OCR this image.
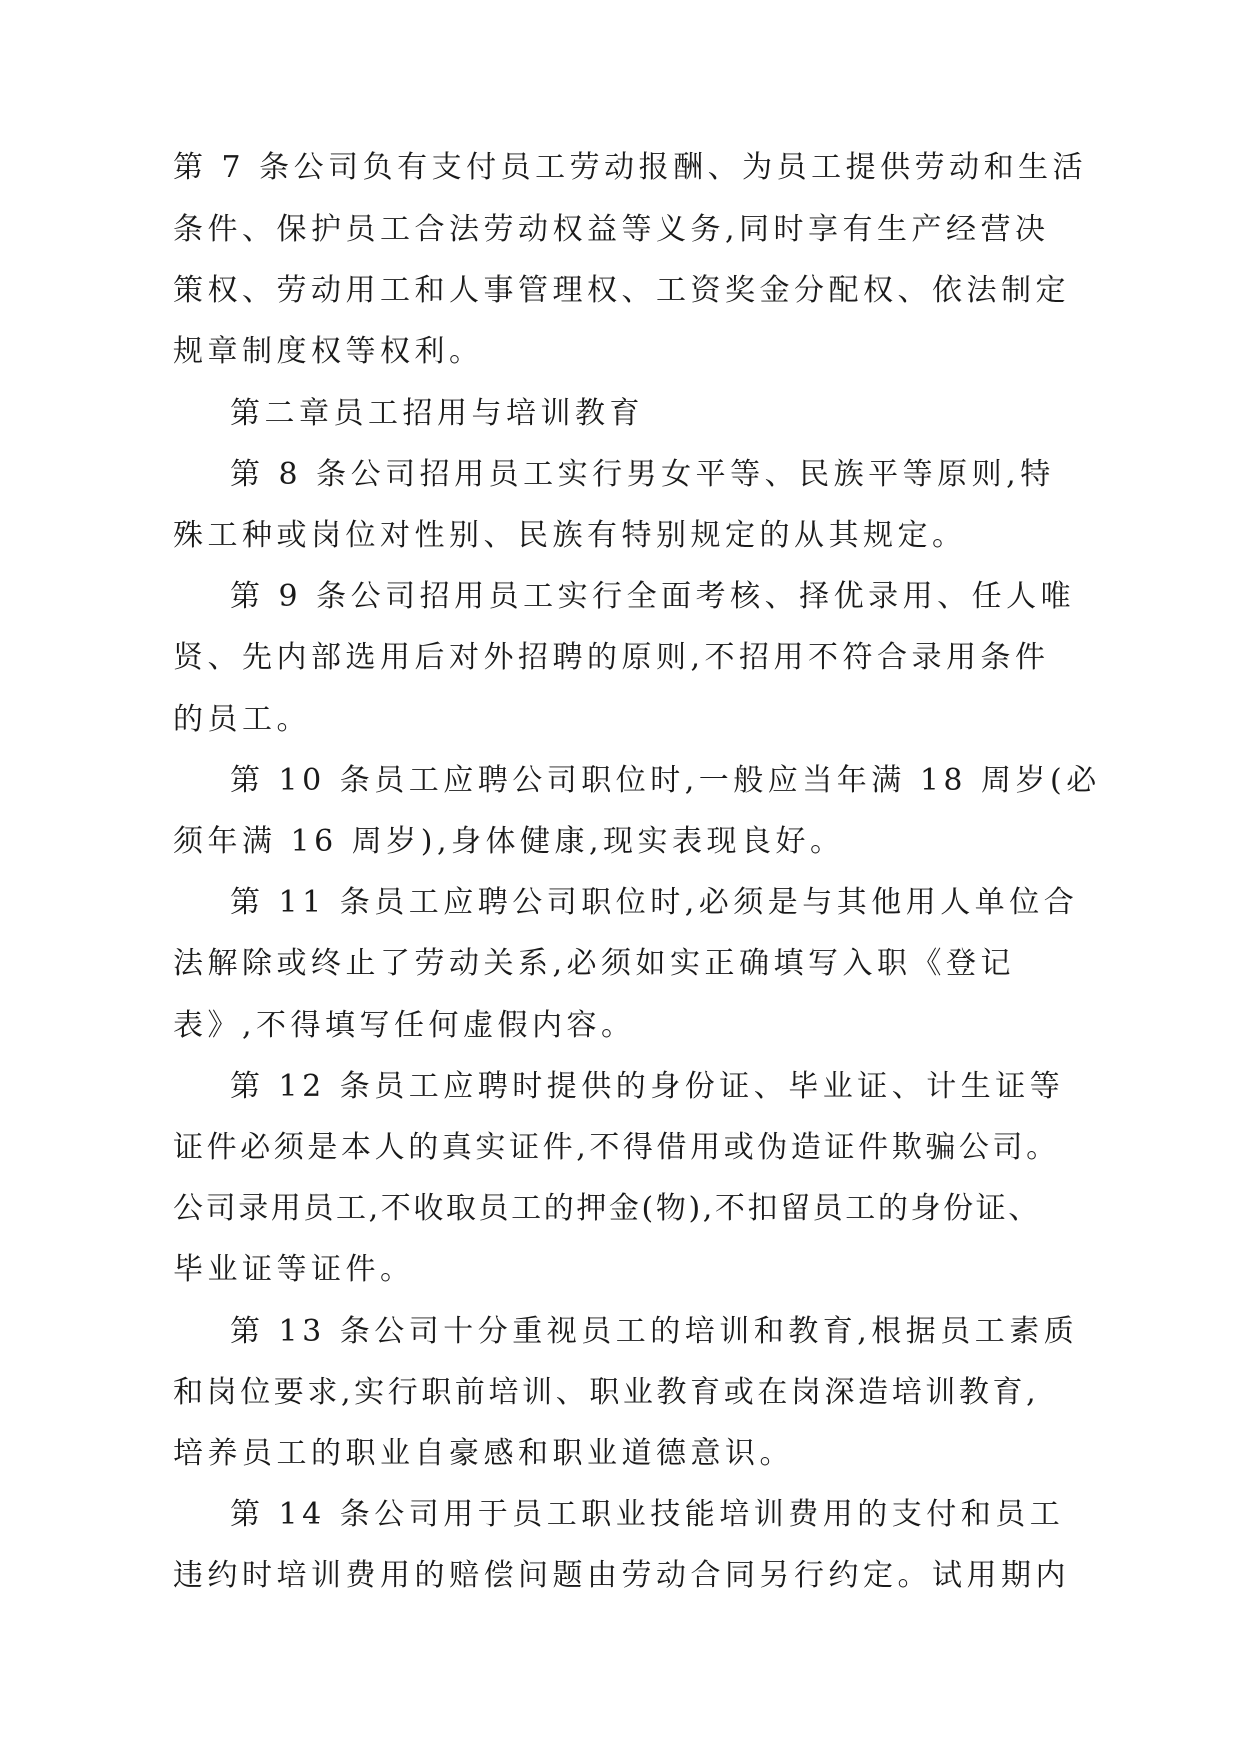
第 7 条公司负有支付员工劳动报酬、为员工提供劳动和生活
条件、保护员工合法劳动权益等义务,同时享有生产经营决
策权、劳动用工和人事管理权、工资奖金分配权、依法制定
规章制度权等权利。
第二章员工招用与培训教育
第 8 条公司招用员工实行男女平等、民族平等原则,特
殊工种或岗位对性别、民族有特别规定的从其规定。
第 9 条公司招用员工实行全面考核、择优录用、任人唯
贤、先内部选用后对外招聘的原则,不招用不符合录用条件
的员工。
第 10 条员工应聘公司职位时,一般应当年满 18 周岁(必
须年满 16 周岁),身体健康,现实表现良好。
第 11 条员工应聘公司职位时,必须是与其他用人单位合
法解除或终止了劳动关系,必须如实正确填写入职《登记
表》,不得填写任何虚假内容。
第 12 条员工应聘时提供的身份证、毕业证、计生证等
证件必须是本人的真实证件,不得借用或伪造证件欺骗公司。
公司录用员工,不收取员工的押金(物),不扣留员工的身份证、
毕业证等证件。
第 13 条公司十分重视员工的培训和教育,根据员工素质
和岗位要求,实行职前培训、职业教育或在岗深造培训教育,
培养员工的职业自豪感和职业道德意识。
第 14 条公司用于员工职业技能培训费用的支付和员工
违约时培训费用的赔偿问题由劳动合同另行约定。试用期内
